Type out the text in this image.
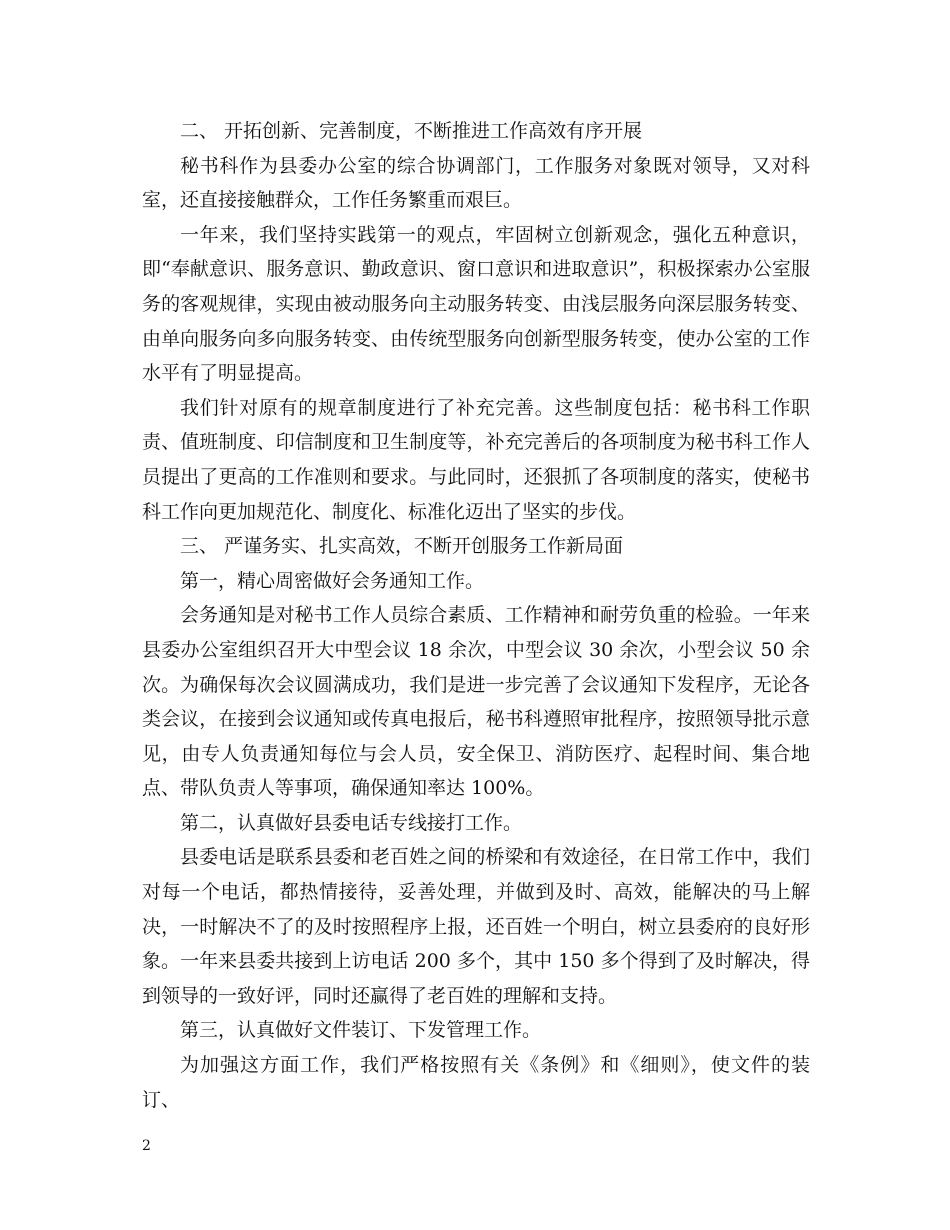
二、 开拓创新、完善制度，不断推进工作高效有序开展

秘书科作为县委办公室的综合协调部门，工作服务对象既对领导，又对科室，还直接接触群众，工作任务繁重而艰巨。

一年来，我们坚持实践第一的观点，牢固树立创新观念，强化五种意识，即“奉献意识、服务意识、勤政意识、窗口意识和进取意识”，积极探索办公室服务的客观规律，实现由被动服务向主动服务转变、由浅层服务向深层服务转变、由单向服务向多向服务转变、由传统型服务向创新型服务转变，使办公室的工作水平有了明显提高。

我们针对原有的规章制度进行了补充完善。这些制度包括：秘书科工作职责、值班制度、印信制度和卫生制度等，补充完善后的各项制度为秘书科工作人员提出了更高的工作准则和要求。与此同时，还狠抓了各项制度的落实，使秘书科工作向更加规范化、制度化、标准化迈出了坚实的步伐。

三、 严谨务实、扎实高效，不断开创服务工作新局面

第一，精心周密做好会务通知工作。

会务通知是对秘书工作人员综合素质、工作精神和耐劳负重的检验。一年来县委办公室组织召开大中型会议 18 余次，中型会议 30 余次，小型会议 50 余次。为确保每次会议圆满成功，我们是进一步完善了会议通知下发程序，无论各类会议，在接到会议通知或传真电报后，秘书科遵照审批程序，按照领导批示意见，由专人负责通知每位与会人员，安全保卫、消防医疗、起程时间、集合地点、带队负责人等事项，确保通知率达 100%。

第二，认真做好县委电话专线接打工作。

县委电话是联系县委和老百姓之间的桥梁和有效途径，在日常工作中，我们对每一个电话，都热情接待，妥善处理，并做到及时、高效，能解决的马上解决，一时解决不了的及时按照程序上报，还百姓一个明白，树立县委府的良好形象。一年来县委共接到上访电话 200 多个，其中 150 多个得到了及时解决，得到领导的一致好评，同时还赢得了老百姓的理解和支持。

第三，认真做好文件装订、下发管理工作。

为加强这方面工作，我们严格按照有关《条例》和《细则》，使文件的装订、

2
